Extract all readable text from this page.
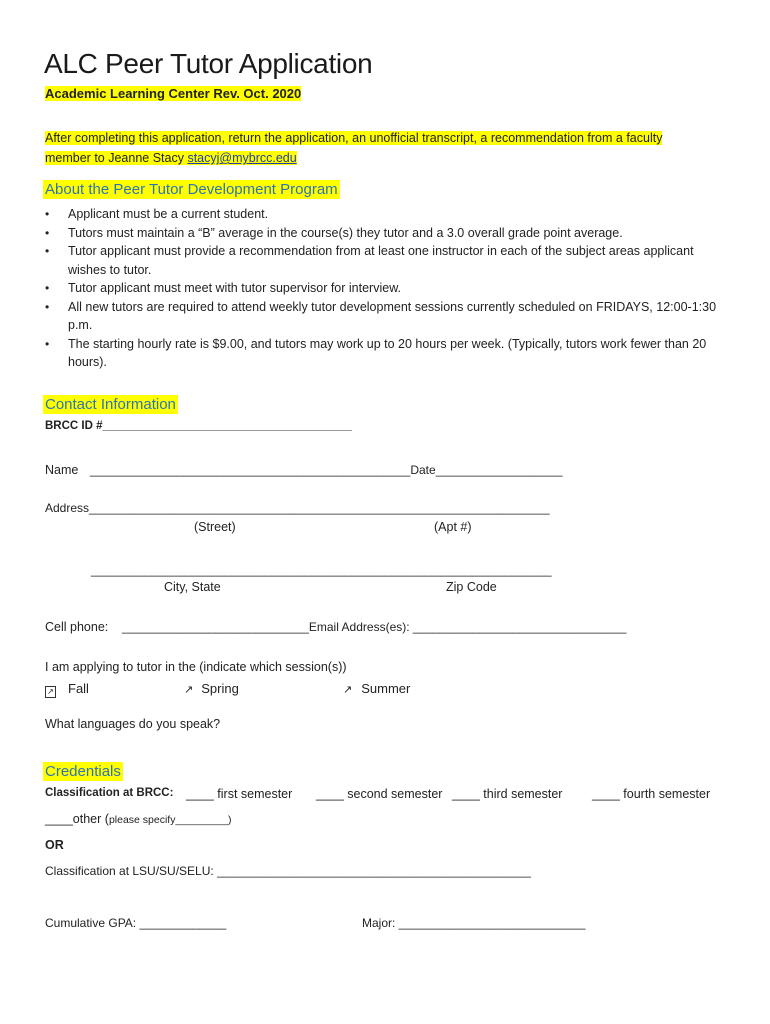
ALC Peer Tutor Application
Academic Learning Center Rev. Oct. 2020
After completing this application, return the application, an unofficial transcript, a recommendation from a faculty member to Jeanne Stacy stacyj@mybrcc.edu
About the Peer Tutor Development Program
• Applicant must be a current student.
• Tutors must maintain a “B” average in the course(s) they tutor and a 3.0 overall grade point average.
• Tutor applicant must provide a recommendation from at least one instructor in each of the subject areas applicant wishes to tutor.
• Tutor applicant must meet with tutor supervisor for interview.
• All new tutors are required to attend weekly tutor development sessions currently scheduled on FRIDAYS, 12:00-1:30 p.m.
• The starting hourly rate is $9.00, and tutors may work up to 20 hours per week. (Typically, tutors work fewer than 20 hours).
Contact Information
BRCC ID #_______________________________________
Name ________________________________________________Date___________________
Address_____________________________________________________________________
(Street)	(Apt #)
_____________________________________________________________________
City, State	Zip Code
Cell phone: ____________________________Email Address(es): ________________________________
I am applying to tutor in the (indicate which session(s))
↗ Fall	↗ Spring	↗ Summer
What languages do you speak?
Credentials
Classification at BRCC: ____ first semester ____ second semester ____ third semester ____ fourth semester
____other (please specify_________)
OR
Classification at LSU/SU/SELU: _______________________________________________
Cumulative GPA: _____________	Major: ____________________________
